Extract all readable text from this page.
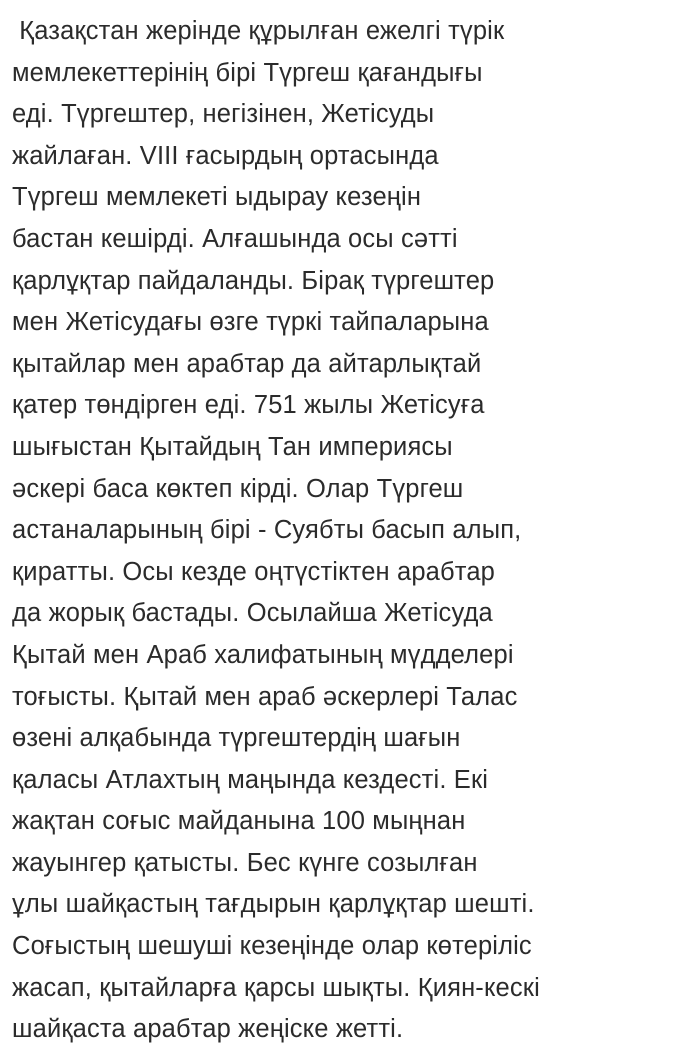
Қазақстан жерінде құрылған ежелгі түрік
мемлекеттерінің бірі Түргеш қағандығы
еді. Түргештер, негізінен, Жетісуды
жайлаған. VIII ғасырдың ортасында
Түргеш мемлекеті ыдырау кезеңін
бастан кешірді. Алғашында осы сәтті
қарлұқтар пайдаланды. Бірақ түргештер
мен Жетісудағы өзге түркі тайпаларына
қытайлар мен арабтар да айтарлықтай
қатер төндірген еді. 751 жылы Жетісуға
шығыстан Қытайдың Тан империясы
әскері баса көктеп кірді. Олар Түргеш
астаналарының бірі - Суябты басып алып,
қиратты. Осы кезде оңтүстіктен арабтар
да жорық бастады. Осылайша Жетісуда
Қытай мен Араб халифатының мүдделері
тоғысты. Қытай мен араб әскерлері Талас
өзені алқабында түргештердің шағын
қаласы Атлахтың маңында кездесті. Екі
жақтан соғыс майданына 100 мыңнан
жауынгер қатысты. Бес күнге созылған
ұлы шайқастың тағдырын қарлұқтар шешті.
Соғыстың шешуші кезеңінде олар көтеріліс
жасап, қытайларға қарсы шықты. Қиян-кескі
шайқаста арабтар жеңіске жетті.
